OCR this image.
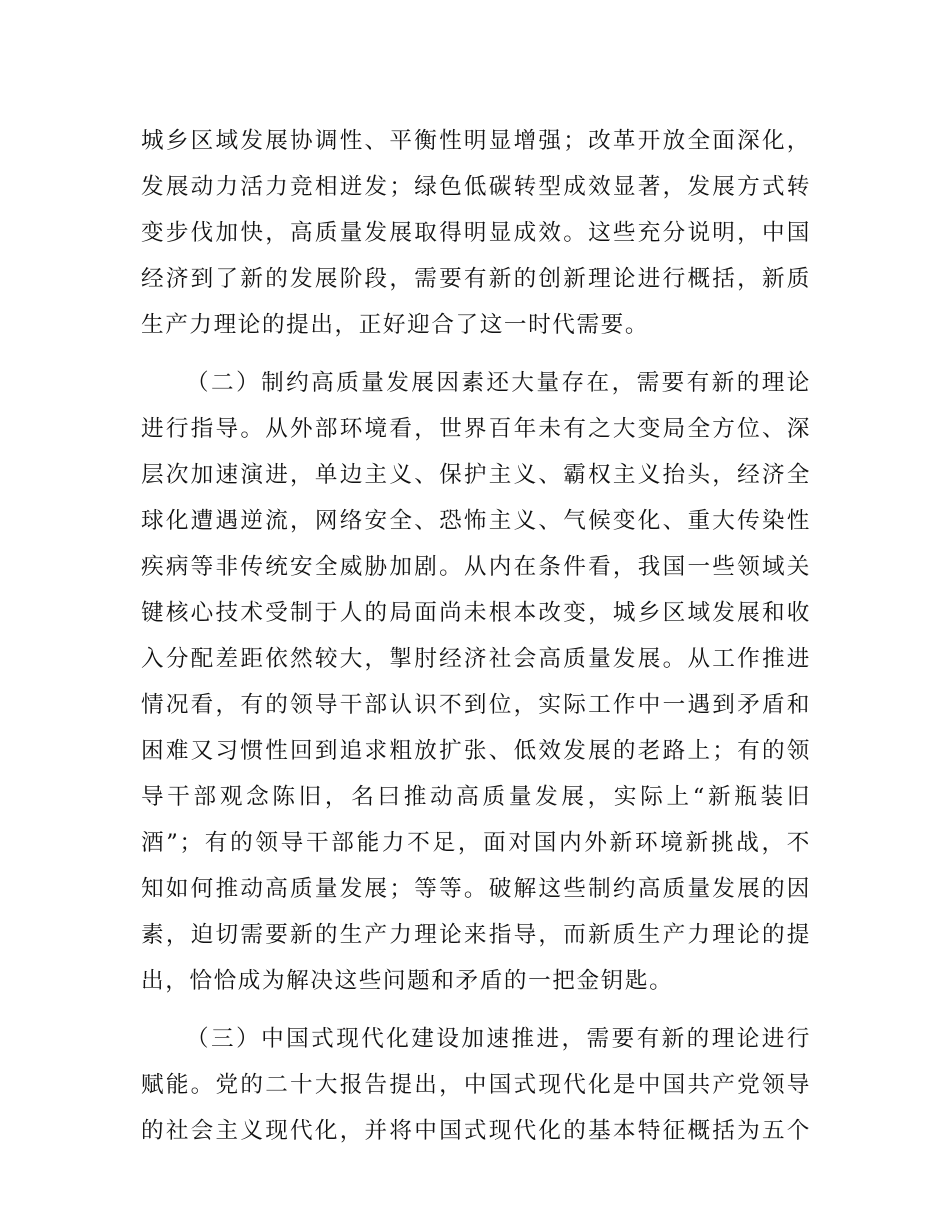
城乡区域发展协调性、平衡性明显增强；改革开放全面深化，
发展动力活力竞相迸发；绿色低碳转型成效显著，发展方式转
变步伐加快，高质量发展取得明显成效。这些充分说明，中国
经济到了新的发展阶段，需要有新的创新理论进行概括，新质
生产力理论的提出，正好迎合了这一时代需要。
（二）制约高质量发展因素还大量存在，需要有新的理论
进行指导。从外部环境看，世界百年未有之大变局全方位、深
层次加速演进，单边主义、保护主义、霸权主义抬头，经济全
球化遭遇逆流，网络安全、恐怖主义、气候变化、重大传染性
疾病等非传统安全威胁加剧。从内在条件看，我国一些领域关
键核心技术受制于人的局面尚未根本改变，城乡区域发展和收
入分配差距依然较大，掣肘经济社会高质量发展。从工作推进
情况看，有的领导干部认识不到位，实际工作中一遇到矛盾和
困难又习惯性回到追求粗放扩张、低效发展的老路上；有的领
导干部观念陈旧，名曰推动高质量发展，实际上“新瓶装旧
酒”；有的领导干部能力不足，面对国内外新环境新挑战，不
知如何推动高质量发展；等等。破解这些制约高质量发展的因
素，迫切需要新的生产力理论来指导，而新质生产力理论的提
出，恰恰成为解决这些问题和矛盾的一把金钥匙。
（三）中国式现代化建设加速推进，需要有新的理论进行
赋能。党的二十大报告提出，中国式现代化是中国共产党领导
的社会主义现代化，并将中国式现代化的基本特征概括为五个
